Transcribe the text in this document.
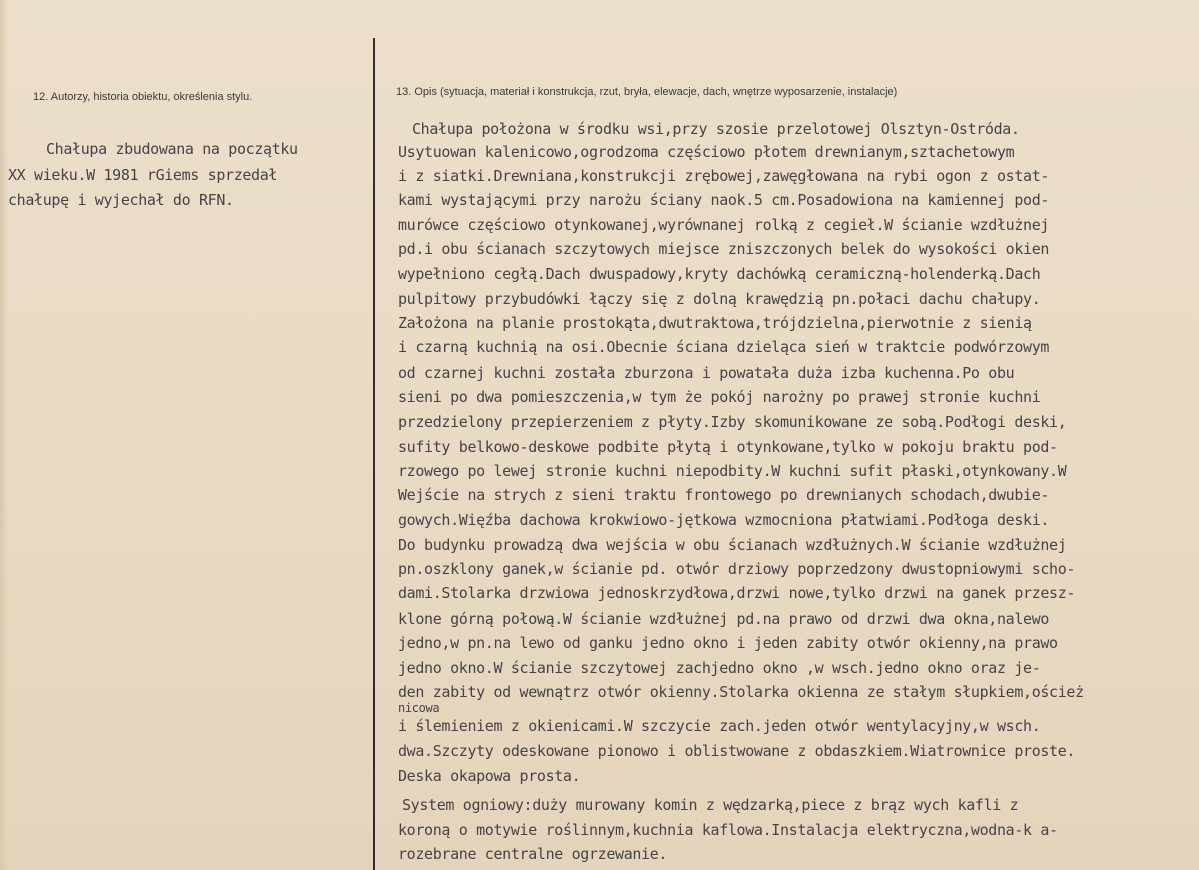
12. Autorzy, historia obiektu, określenia stylu.	13. Opis (sytuacja, materiał i konstrukcja, rzut, bryła, elewacje, dach, wnętrze wyposarzenie, instalacje)
Chałupa zbudowana na początku
XX wieku.W 1981 rGiems sprzedał
chałupę i wyjechał do RFN.
Chałupa położona w środku wsi,przy szosie przelotowej Olsztyn-Ostróda.
Usytuowan kalenicowo,ogrodzoma częściowo płotem drewnianym,sztachetowym
i z siatki.Drewniana,konstrukcji zrębowej,zawęgłowana na rybi ogon z ostat-
kami wystającymi przy narożu ściany naok.5 cm.Posadowiona na kamiennej pod-
murówce częściowo otynkowanej,wyrównanej rolką z cegieł.W ścianie wzdłużnej
pd.i obu ścianach szczytowych miejsce zniszczonych belek do wysokości okien
wypełniono cegłą.Dach dwuspadowy,kryty dachówką ceramiczną-holenderką.Dach
pulpitowy przybudówki łączy się z dolną krawędzią pn.połaci dachu chałupy.
Założona na planie prostokąta,dwutraktowa,trójdzielna,pierwotnie z sienią
i czarną kuchnią na osi.Obecnie ściana dzieląca sień w traktcie podwórzowym
od czarnej kuchni została zburzona i powatała duża izba kuchenna.Po obu
sieni po dwa pomieszczenia,w tym że pokój narożny po prawej stronie kuchni
przedzielony przepierzeniem z płyty.Izby skomunikowane ze sobą.Podłogi deski,
sufity belkowo-deskowe podbite płytą i otynkowane,tylko w pokoju braktu pod-
rzowego po lewej stronie kuchni niepodbity.W kuchni sufit płaski,otynkowany.W
Wejście na strych z sieni traktu frontowego po drewnianych schodach,dwubie-
gowych.Więźba dachowa krokwiowo-jętkowa wzmocniona płatwiami.Podłoga deski.
Do budynku prowadzą dwa wejścia w obu ścianach wzdłużnych.W ścianie wzdłużnej
pn.oszklony ganek,w ścianie pd. otwór drziowy poprzedzony dwustopniowymi scho-
dami.Stolarka drzwiowa jednoskrzydłowa,drzwi nowe,tylko drzwi na ganek przesz-
klone górną połową.W ścianie wzdłużnej pd.na prawo od drzwi dwa okna,nalewo
jedno,w pn.na lewo od ganku jedno okno i jeden zabity otwór okienny,na prawo
jedno okno.W ścianie szczytowej zachjedno okno ,w wsch.jedno okno oraz je-
den zabity od wewnątrz otwór okienny.Stolarka okienna ze stałym słupkiem,oścież
nicowa
i ślemieniem z okienicami.W szczycie zach.jeden otwór wentylacyjny,w wsch.
dwa.Szczyty odeskowane pionowo i oblistwowane z obdaszkiem.Wiatrownice proste.
Deska okapowa prosta.
System ogniowy:duży murowany komin z wędzarką,piece z brąz wych kafli z
koroną o motywie roślinnym,kuchnia kaflowa.Instalacja elektryczna,wodna-k a-
rozebrane centralne ogrzewanie.
